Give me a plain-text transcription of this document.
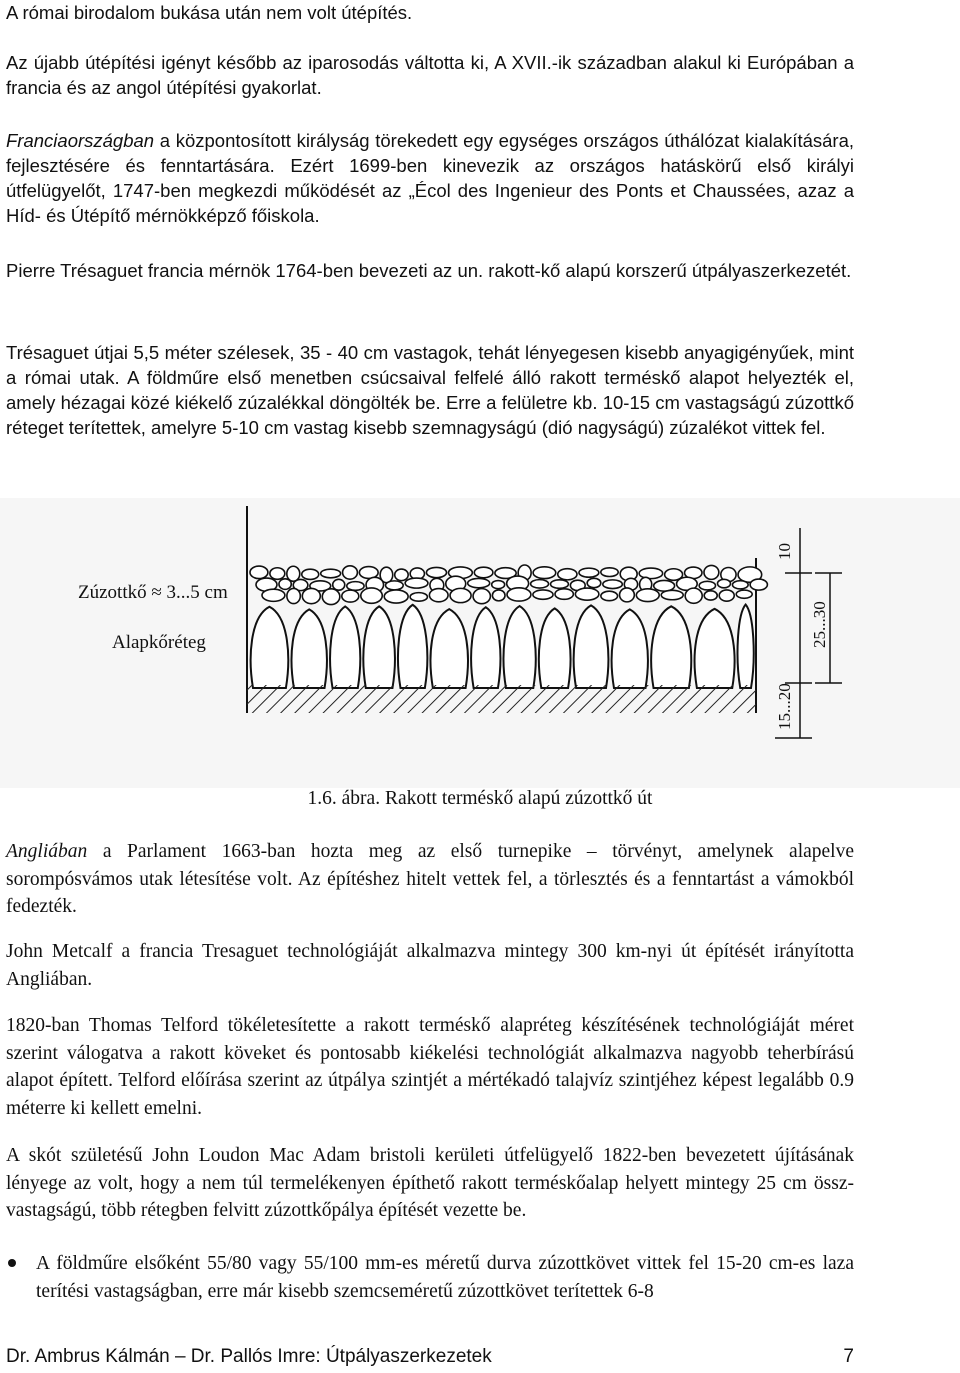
A római birodalom bukása után nem volt útépítés.

Az újabb útépítési igényt később az iparosodás váltotta ki, A XVII.-ik században alakul ki Európában a francia és az angol útépítési gyakorlat.

Franciaországban a központosított királyság törekedett egy egységes országos úthálózat kialakítására, fejlesztésére és fenntartására. Ezért 1699-ben kinevezik az országos hatáskörű első királyi útfelügyelőt, 1747-ben megkezdi működését az „Écol des Ingenieur des Ponts et Chaussées, azaz a Híd- és Útépítő mérnökképző főiskola.

Pierre Trésaguet francia mérnök 1764-ben bevezeti az un. rakott-kő alapú korszerű útpályaszerkezetét.

Trésaguet útjai 5,5 méter szélesek, 35 - 40 cm vastagok, tehát lényegesen kisebb anyagigényűek, mint a római utak. A földműre első menetben csúcsaival felfelé álló rakott terméskő alapot helyezték el, amely hézagai közé kiékelő zúzalékkal döngölték be. Erre a felületre kb. 10-15 cm vastagságú zúzottkő réteget terítettek, amelyre 5-10 cm vastag kisebb szemnagyságú (dió nagyságú) zúzalékot vittek fel.

Zúzottkő ≈ 3...5 cm
Alapkőréteg
10
25...30
15...20
1.6. ábra. Rakott terméskő alapú zúzottkő út

Angliában a Parlament 1663-ban hozta meg az első turnepike – törvényt, amelynek alapelve sorompósvámos utak létesítése volt. Az építéshez hitelt vettek fel, a törlesztés és a fenntartást a vámokból fedezték.

John Metcalf a francia Tresaguet technológiáját alkalmazva mintegy 300 km-nyi út építését irányította Angliában.

1820-ban Thomas Telford tökéletesítette a rakott terméskő alapréteg készítésének technológiáját méret szerint válogatva a rakott köveket és pontosabb kiékelési technológiát alkalmazva nagyobb teherbírású alapot épített. Telford előírása szerint az útpálya szintjét a mértékadó talajvíz szintjéhez képest legalább 0.9 méterre ki kellett emelni.

A skót születésű John Loudon Mac Adam bristoli kerületi útfelügyelő 1822-ben bevezetett újításának lényege az volt, hogy a nem túl termelékenyen építhető rakott terméskőalap helyett mintegy 25 cm össz-vastagságú, több rétegben felvitt zúzottkőpálya építését vezette be.

A földműre elsőként 55/80 vagy 55/100 mm-es méretű durva zúzottkövet vittek fel 15-20 cm-es laza terítési vastagságban, erre már kisebb szemcseméretű zúzottkövet terítettek 6-8
Dr. Ambrus Kálmán – Dr. Pallós Imre: Útpályaszerkezetek	7
